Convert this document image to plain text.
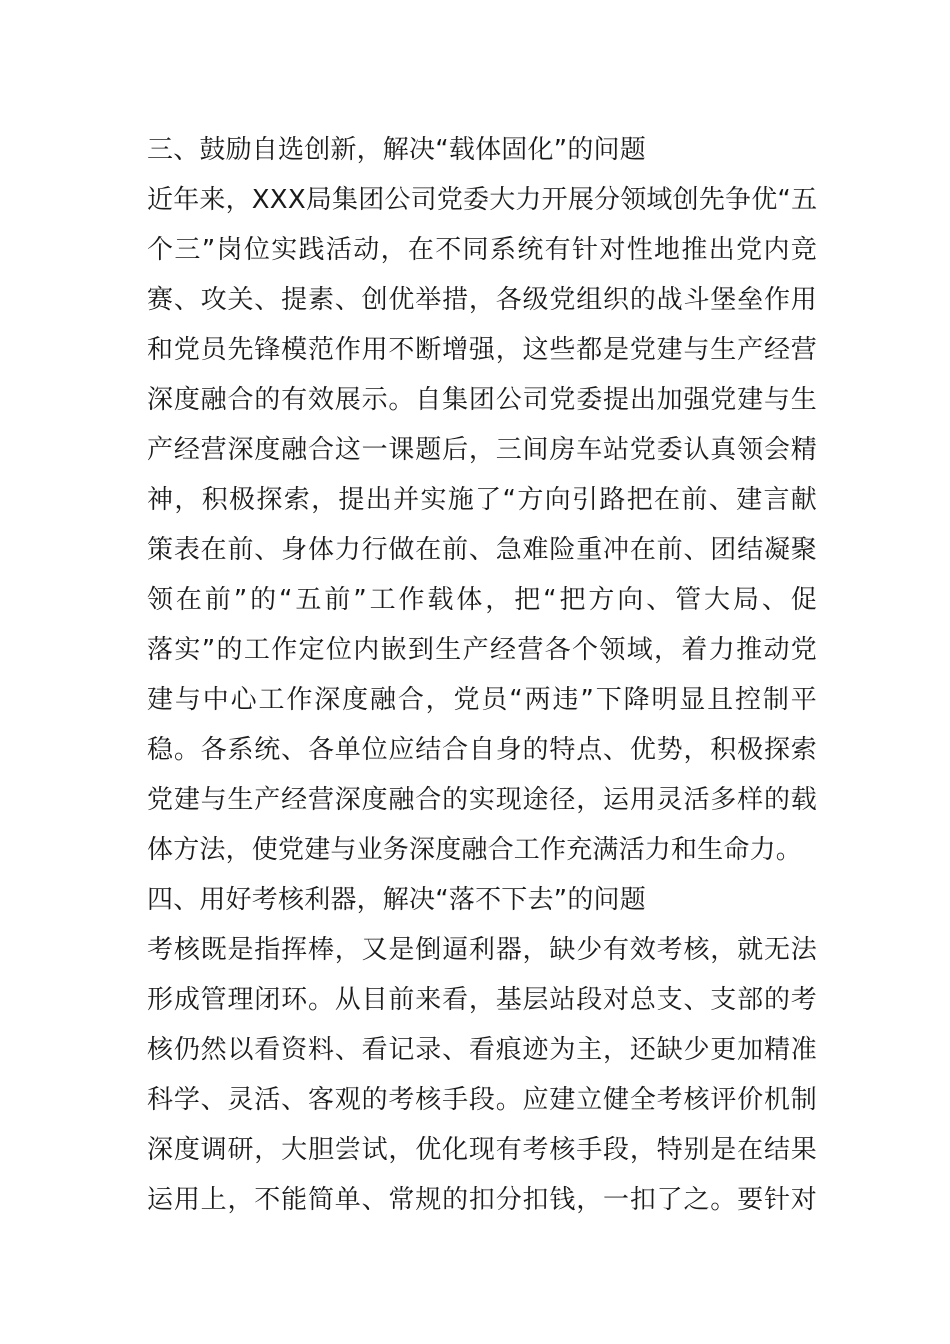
三、鼓励自选创新，解决“载体固化”的问题
近年来，XXX局集团公司党委大力开展分领域创先争优“五
个三”岗位实践活动，在不同系统有针对性地推出党内竞
赛、攻关、提素、创优举措，各级党组织的战斗堡垒作用
和党员先锋模范作用不断增强，这些都是党建与生产经营
深度融合的有效展示。自集团公司党委提出加强党建与生
产经营深度融合这一课题后，三间房车站党委认真领会精
神，积极探索，提出并实施了“方向引路把在前、建言献
策表在前、身体力行做在前、急难险重冲在前、团结凝聚
领在前”的“五前”工作载体，把“把方向、管大局、促
落实”的工作定位内嵌到生产经营各个领域，着力推动党
建与中心工作深度融合，党员“两违”下降明显且控制平
稳。各系统、各单位应结合自身的特点、优势，积极探索
党建与生产经营深度融合的实现途径，运用灵活多样的载
体方法，使党建与业务深度融合工作充满活力和生命力。
四、用好考核利器，解决“落不下去”的问题
考核既是指挥棒，又是倒逼利器，缺少有效考核，就无法
形成管理闭环。从目前来看，基层站段对总支、支部的考
核仍然以看资料、看记录、看痕迹为主，还缺少更加精准
科学、灵活、客观的考核手段。应建立健全考核评价机制
深度调研，大胆尝试，优化现有考核手段，特别是在结果
运用上，不能简单、常规的扣分扣钱，一扣了之。要针对
